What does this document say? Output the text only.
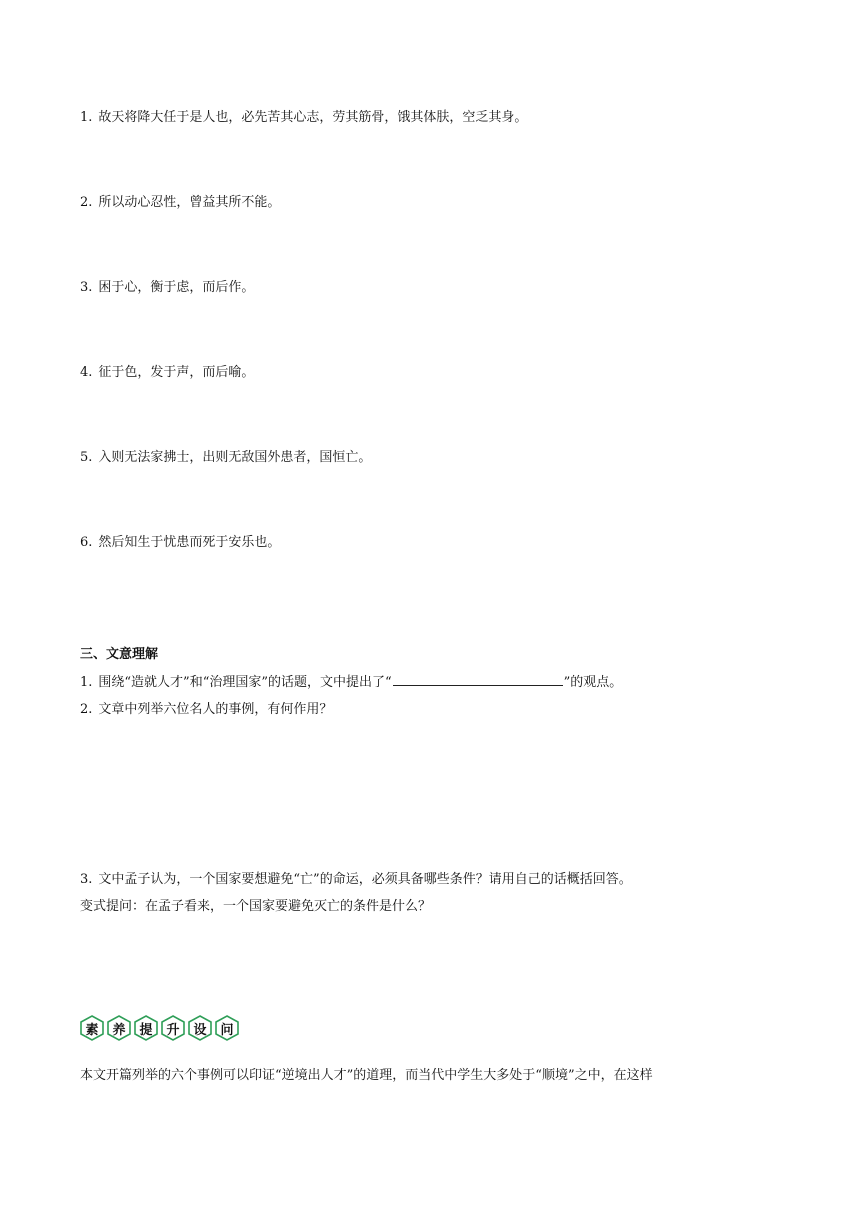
1. 故天将降大任于是人也，必先苦其心志，劳其筋骨，饿其体肤，空乏其身。
2. 所以动心忍性，曾益其所不能。
3. 困于心，衡于虑，而后作。
4. 征于色，发于声，而后喻。
5. 入则无法家拂士，出则无敌国外患者，国恒亡。
6. 然后知生于忧患而死于安乐也。
三、文意理解
1. 围绕“造就人才”和“治理国家”的话题，文中提出了“	”的观点。
2. 文章中列举六位名人的事例，有何作用？
3. 文中孟子认为，一个国家要想避免“亡”的命运，必须具备哪些条件？请用自己的话概括回答。
变式提问：在孟子看来，一个国家要避免灭亡的条件是什么？
素	养	提	升	设	问
本文开篇列举的六个事例可以印证“逆境出人才”的道理，而当代中学生大多处于“顺境”之中，在这样
